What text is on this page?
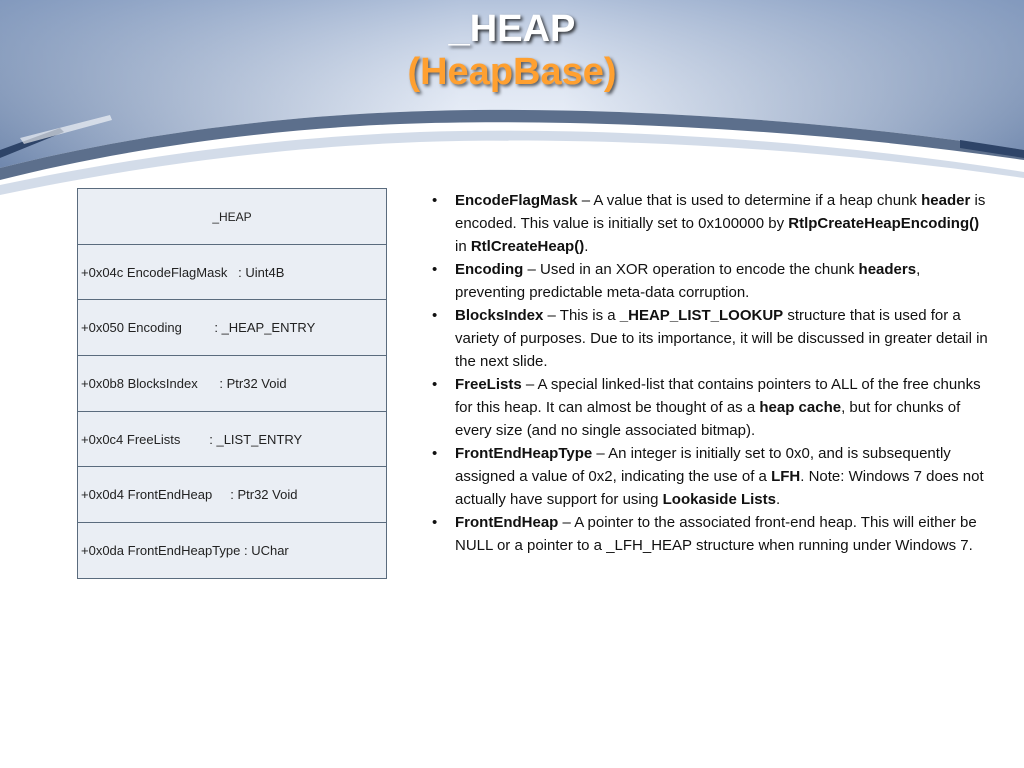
_HEAP
(HeapBase)
_HEAP
+0x04c EncodeFlagMask   : Uint4B
+0x050 Encoding         : _HEAP_ENTRY
+0x0b8 BlocksIndex      : Ptr32 Void
+0x0c4 FreeLists        : _LIST_ENTRY
+0x0d4 FrontEndHeap     : Ptr32 Void
+0x0da FrontEndHeapType : UChar
• EncodeFlagMask – A value that is used to determine if a heap chunk header is encoded. This value is initially set to 0x100000 by RtlpCreateHeapEncoding() in RtlCreateHeap().
• Encoding – Used in an XOR operation to encode the chunk headers, preventing predictable meta-data corruption.
• BlocksIndex – This is a _HEAP_LIST_LOOKUP structure that is used for a variety of purposes. Due to its importance, it will be discussed in greater detail in the next slide.
• FreeLists – A special linked-list that contains pointers to ALL of the free chunks for this heap. It can almost be thought of as a heap cache, but for chunks of every size (and no single associated bitmap).
• FrontEndHeapType – An integer is initially set to 0x0, and is subsequently assigned a value of 0x2, indicating the use of a LFH. Note: Windows 7 does not actually have support for using Lookaside Lists.
• FrontEndHeap – A pointer to the associated front-end heap. This will either be NULL or a pointer to a _LFH_HEAP structure when running under Windows 7.
